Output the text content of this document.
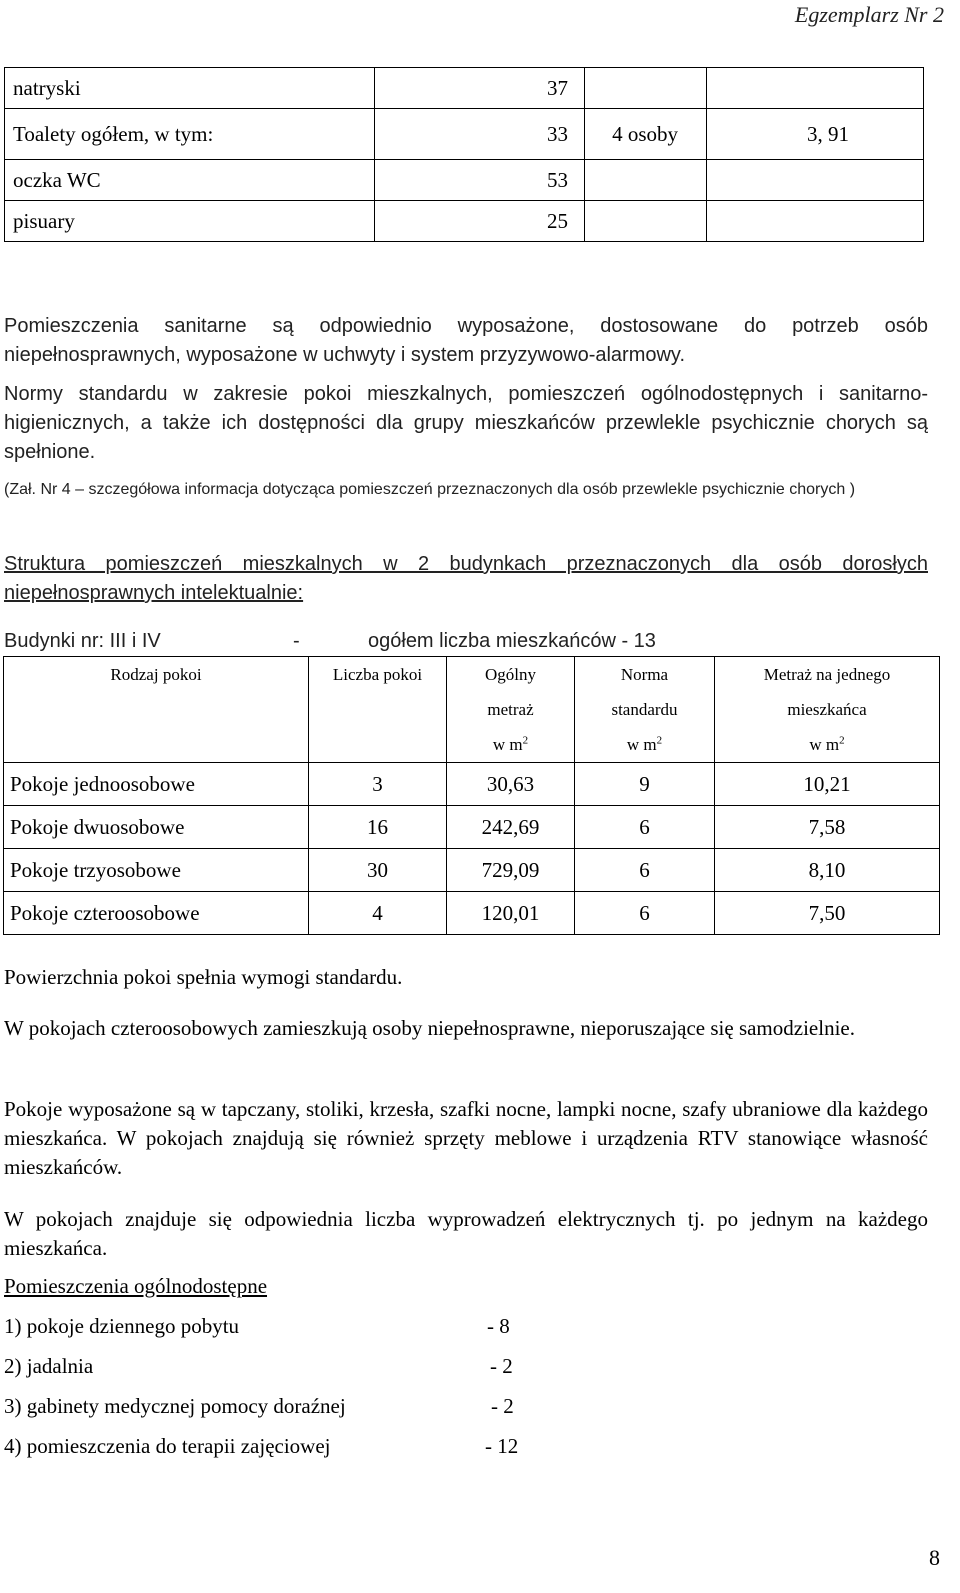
Egzemplarz Nr 2
natryski	37		
Toalety ogółem, w tym:	33	4 osoby	3, 91
oczka WC	53		
pisuary	25		
Pomieszczenia sanitarne są odpowiednio wyposażone, dostosowane do potrzeb osób niepełnosprawnych, wyposażone w uchwyty i system przyzywowo-alarmowy.
Normy standardu w zakresie pokoi mieszkalnych, pomieszczeń ogólnodostępnych i sanitarno-higienicznych, a także ich dostępności dla grupy mieszkańców przewlekle psychicznie chorych są spełnione.
(Zał. Nr 4 – szczegółowa informacja dotycząca pomieszczeń przeznaczonych dla osób przewlekle psychicznie chorych )
Struktura pomieszczeń mieszkalnych w 2 budynkach przeznaczonych dla osób dorosłych niepełnosprawnych intelektualnie:
Budynki nr: III i IV	-	ogółem liczba mieszkańców - 13
Rodzaj pokoi	Liczba pokoi	Ogólny	Norma	Metraż na jednego
		metraż	standardu	mieszkańca
		w $m^2$	w $m^2$	w $m^2$
Pokoje jednoosobowe	3	30,63	9	10,21
Pokoje dwuosobowe	16	242,69	6	7,58
Pokoje trzyosobowe	30	729,09	6	8,10
Pokoje czteroosobowe	4	120,01	6	7,50
Powierzchnia pokoi spełnia wymogi standardu.
W pokojach czteroosobowych zamieszkują osoby niepełnosprawne, nieporuszające się samodzielnie.
Pokoje wyposażone są w tapczany, stoliki, krzesła, szafki nocne, lampki nocne, szafy ubraniowe dla każdego mieszkańca. W pokojach znajdują się również sprzęty meblowe i urządzenia RTV stanowiące własność mieszkańców.
W pokojach znajduje się odpowiednia liczba wyprowadzeń elektrycznych tj. po jednym na każdego mieszkańca.
Pomieszczenia ogólnodostępne
1) pokoje dziennego pobytu	- 8
2) jadalnia	- 2
3) gabinety medycznej pomocy doraźnej	- 2
4) pomieszczenia do terapii zajęciowej	- 12
8
